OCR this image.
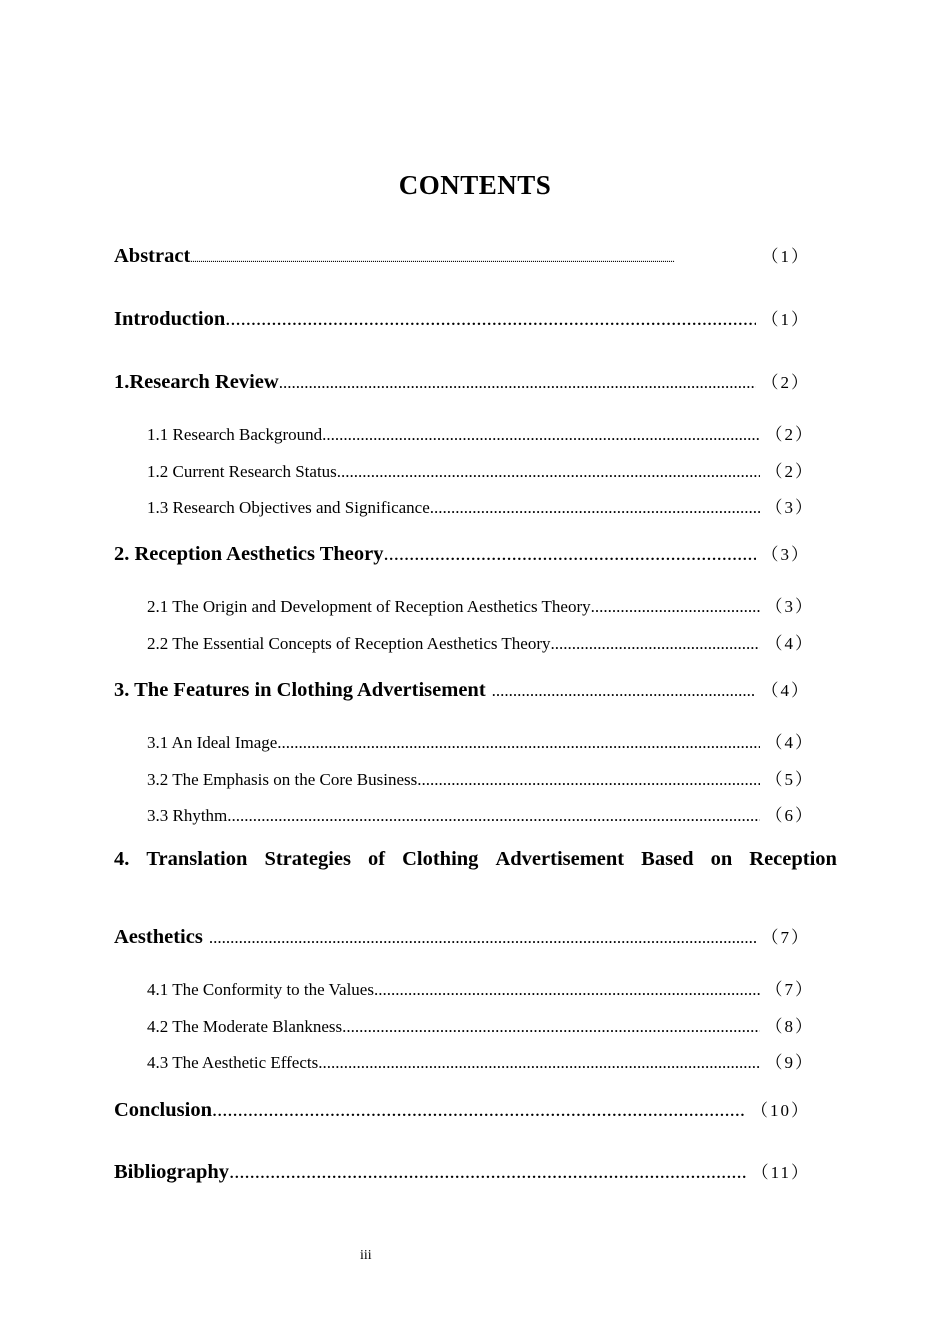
CONTENTS
Abstract .....	（1）
Introduction .....	（1）
1.Research Review .....	（2）
1.1 Research Background .....	（2）
1.2 Current Research Status .....	（2）
1.3 Research Objectives and Significance .....	（3）
2. Reception Aesthetics Theory .....	（3）
2.1 The Origin and Development of Reception Aesthetics Theory .....	（3）
2.2 The Essential Concepts of Reception Aesthetics Theory .....	（4）
3. The Features in Clothing Advertisement .....	（4）
3.1 An Ideal Image .....	（4）
3.2 The Emphasis on the Core Business .....	（5）
3.3 Rhythm .....	（6）
4. Translation Strategies of Clothing Advertisement Based on Reception
Aesthetics .....	（7）
4.1 The Conformity to the Values .....	（7）
4.2 The Moderate Blankness .....	（8）
4.3 The Aesthetic Effects .....	（9）
Conclusion .....	（10）
Bibliography .....	（11）
iii
